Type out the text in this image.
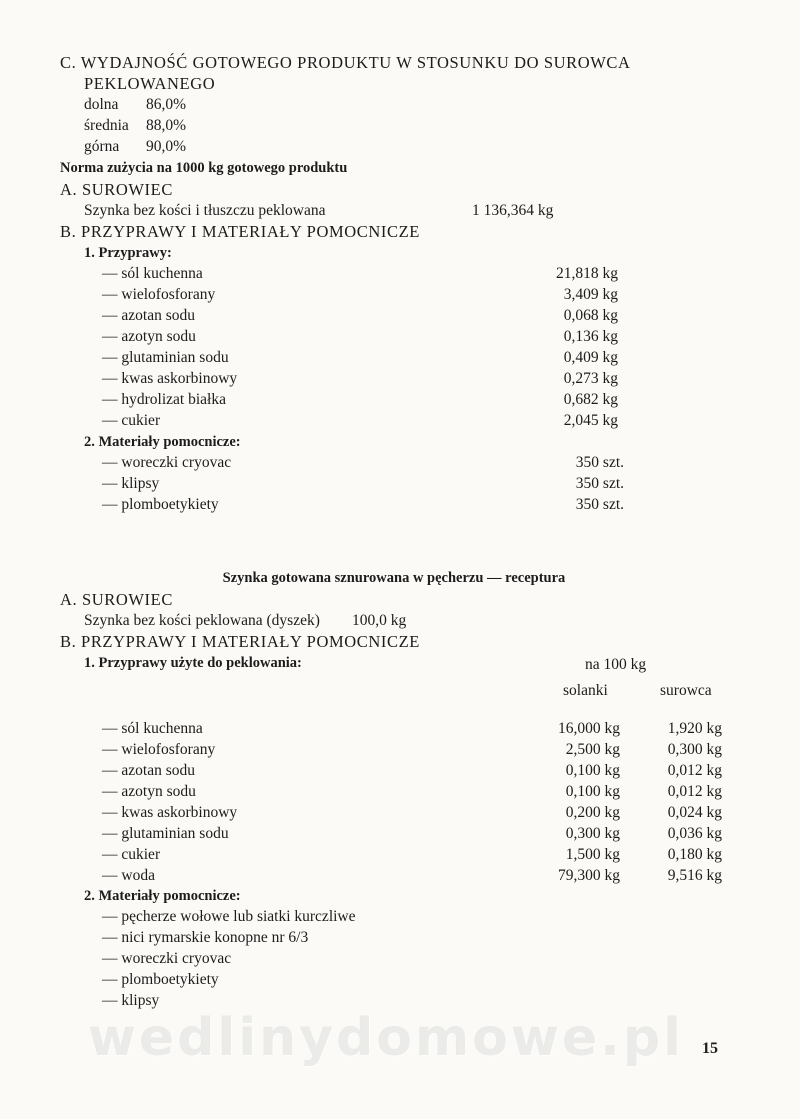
C. WYDAJNOŚĆ GOTOWEGO PRODUKTU W STOSUNKU DO SUROWCA
PEKLOWANEGO
dolna 86,0%
średnia 88,0%
górna 90,0%
Norma zużycia na 1000 kg gotowego produktu
A. SUROWIEC
Szynka bez kości i tłuszczu peklowana	1 136,364 kg
B. PRZYPRAWY I MATERIAŁY POMOCNICZE
1. Przyprawy:
— sól kuchenna	21,818 kg
— wielofosforany	3,409 kg
— azotan sodu	0,068 kg
— azotyn sodu	0,136 kg
— glutaminian sodu	0,409 kg
— kwas askorbinowy	0,273 kg
— hydrolizat białka	0,682 kg
— cukier	2,045 kg
2. Materiały pomocnicze:
— woreczki cryovac	350 szt.
— klipsy	350 szt.
— plomboetykiety	350 szt.
Szynka gotowana sznurowana w pęcherzu — receptura
A. SUROWIEC
Szynka bez kości peklowana (dyszek) 100,0 kg
B. PRZYPRAWY I MATERIAŁY POMOCNICZE
1. Przyprawy użyte do peklowania:	na 100 kg
solanki	surowca
— sól kuchenna	16,000 kg	1,920 kg
— wielofosforany	2,500 kg	0,300 kg
— azotan sodu	0,100 kg	0,012 kg
— azotyn sodu	0,100 kg	0,012 kg
— kwas askorbinowy	0,200 kg	0,024 kg
— glutaminian sodu	0,300 kg	0,036 kg
— cukier	1,500 kg	0,180 kg
— woda	79,300 kg	9,516 kg
2. Materiały pomocnicze:
— pęcherze wołowe lub siatki kurczliwe
— nici rymarskie konopne nr 6/3
— woreczki cryovac
— plomboetykiety
— klipsy
wedlinydomowe.pl 15
